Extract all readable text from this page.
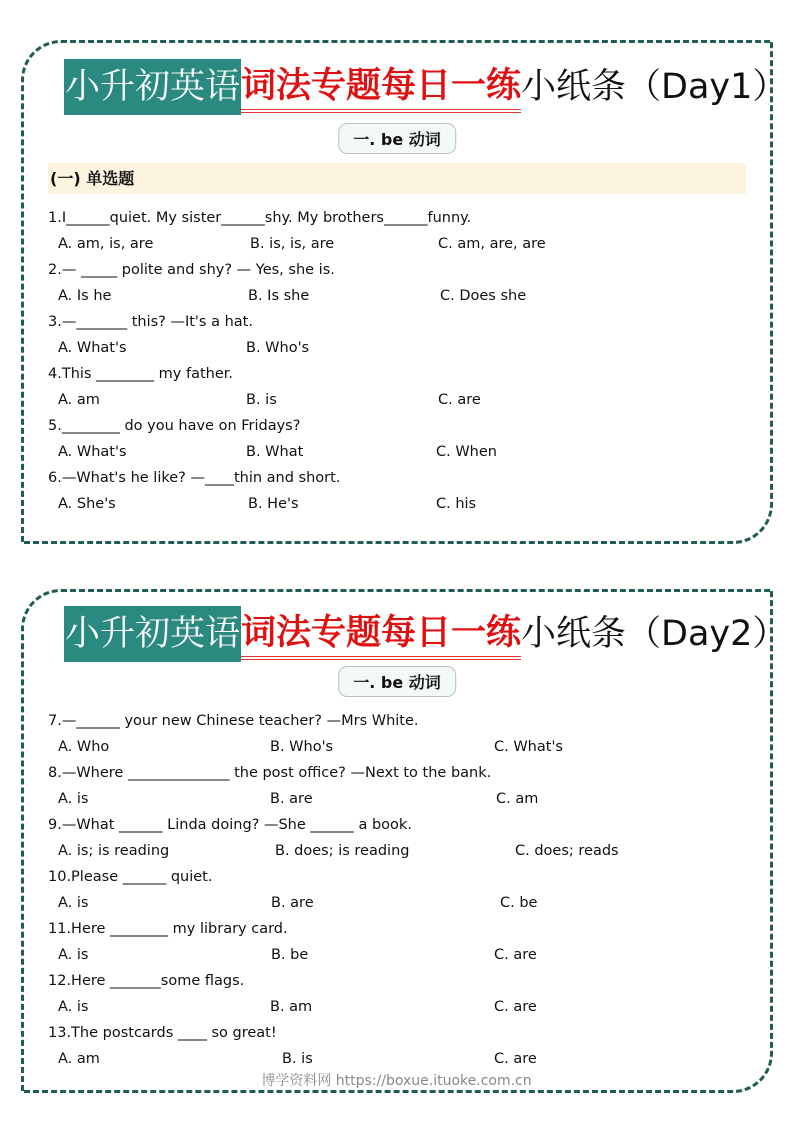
小升初英语 词法专题每日一练 小纸条（Day1）
一. be 动词
(一) 单选题
1.I______quiet. My sister______shy. My brothers______funny.
A. am, is, are	B. is, is, are	C. am, are, are
2.— _____ polite and shy? — Yes, she is.
A. Is he	B. Is she	C. Does she
3.—_______ this? —It's a hat.
A. What's	B. Who's
4.This ________ my father.
A. am	B. is	C. are
5.________ do you have on Fridays?
A. What's	B. What	C. When
6.—What's he like? —____thin and short.
A. She's	B. He's	C. his
小升初英语 词法专题每日一练 小纸条（Day2）
一. be 动词
7.—______ your new Chinese teacher? —Mrs White.
A. Who	B. Who's	C. What's
8.—Where ______________ the post office? —Next to the bank.
A. is	B. are	C. am
9.—What ______ Linda doing? —She ______ a book.
A. is; is reading	B. does; is reading	C. does; reads
10.Please ______ quiet.
A. is	B. are	C. be
11.Here ________ my library card.
A. is	B. be	C. are
12.Here _______some flags.
A. is	B. am	C. are
13.The postcards ____ so great!
A. am	B. is	C. are
博学资料网 https://boxue.ituoke.com.cn
